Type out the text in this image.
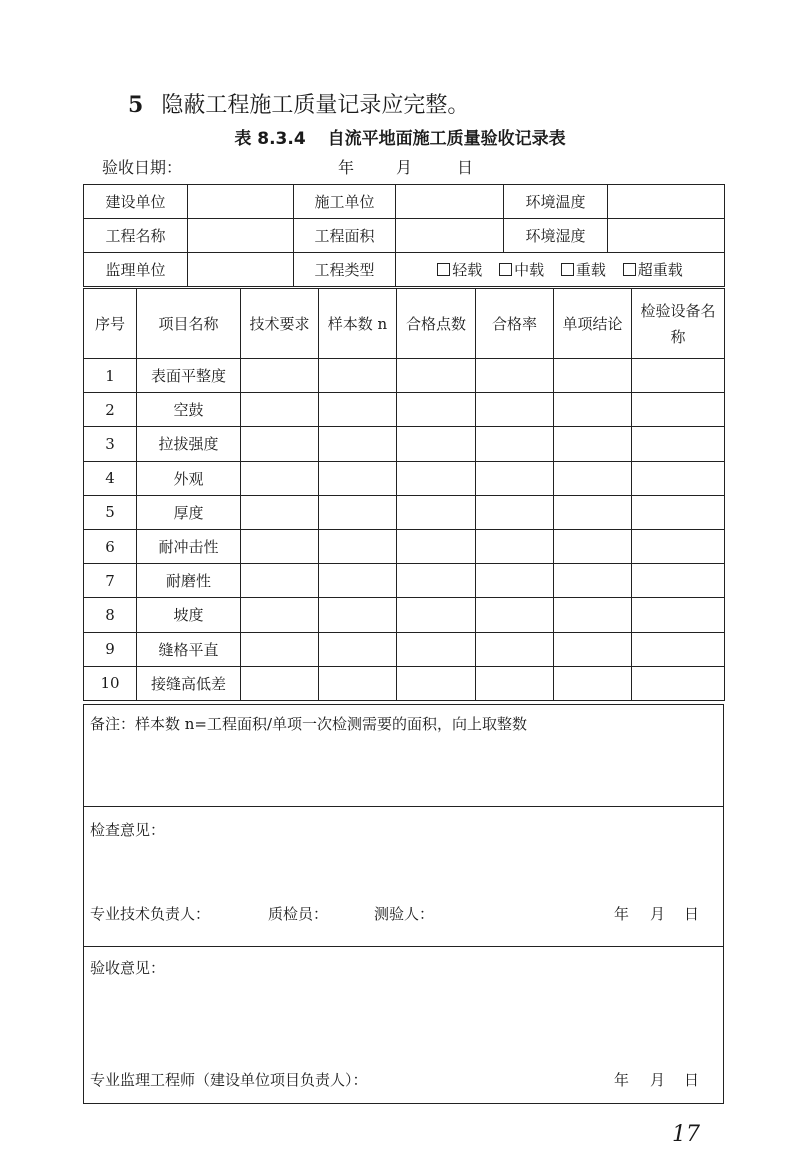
5 隐蔽工程施工质量记录应完整。
表 8.3.4 自流平地面施工质量验收记录表
验收日期：	年	月	日
建设单位		施工单位		环境温度	
工程名称		工程面积		环境湿度	
监理单位		工程类型	轻载 中载 重载 超重载		
序号	项目名称	技术要求	样本数 n	合格点数	合格率	单项结论	检验设备名称
1	表面平整度						
2	空鼓						
3	拉拔强度						
4	外观						
5	厚度						
6	耐冲击性						
7	耐磨性						
8	坡度						
9	缝格平直						
10	接缝高低差						
备注：样本数 n=工程面积/单项一次检测需要的面积，向上取整数

检查意见：
专业技术负责人：	质检员：	测验人：	年 月 日

验收意见：
专业监理工程师（建设单位项目负责人）：	年 月 日
17
